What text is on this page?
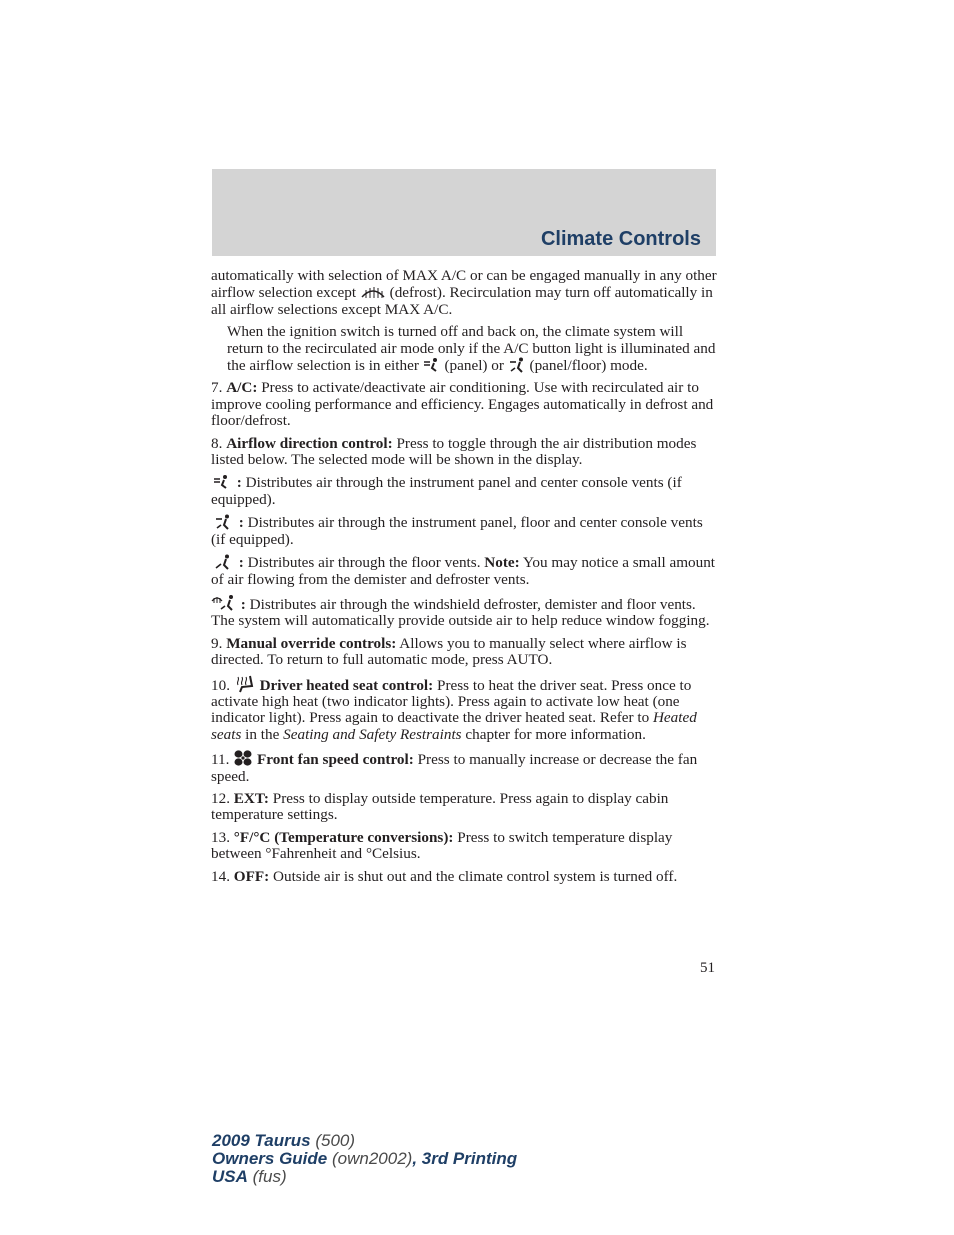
Climate Controls

automatically with selection of MAX A/C or can be engaged manually in any other airflow selection except (defrost). Recirculation may turn off automatically in all airflow selections except MAX A/C.

When the ignition switch is turned off and back on, the climate system will return to the recirculated air mode only if the A/C button light is illuminated and the airflow selection is in either (panel) or (panel/floor) mode.

7. A/C: Press to activate/deactivate air conditioning. Use with recirculated air to improve cooling performance and efficiency. Engages automatically in defrost and floor/defrost.

8. Airflow direction control: Press to toggle through the air distribution modes listed below. The selected mode will be shown in the display.

: Distributes air through the instrument panel and center console vents (if equipped).

: Distributes air through the instrument panel, floor and center console vents (if equipped).

: Distributes air through the floor vents. Note: You may notice a small amount of air flowing from the demister and defroster vents.

: Distributes air through the windshield defroster, demister and floor vents. The system will automatically provide outside air to help reduce window fogging.

9. Manual override controls: Allows you to manually select where airflow is directed. To return to full automatic mode, press AUTO.

10. Driver heated seat control: Press to heat the driver seat. Press once to activate high heat (two indicator lights). Press again to activate low heat (one indicator light). Press again to deactivate the driver heated seat. Refer to Heated seats in the Seating and Safety Restraints chapter for more information.

11. Front fan speed control: Press to manually increase or decrease the fan speed.

12. EXT: Press to display outside temperature. Press again to display cabin temperature settings.

13. °F/°C (Temperature conversions): Press to switch temperature display between °Fahrenheit and °Celsius.

14. OFF: Outside air is shut out and the climate control system is turned off.

51
2009 Taurus (500)
Owners Guide (own2002), 3rd Printing
USA (fus)
